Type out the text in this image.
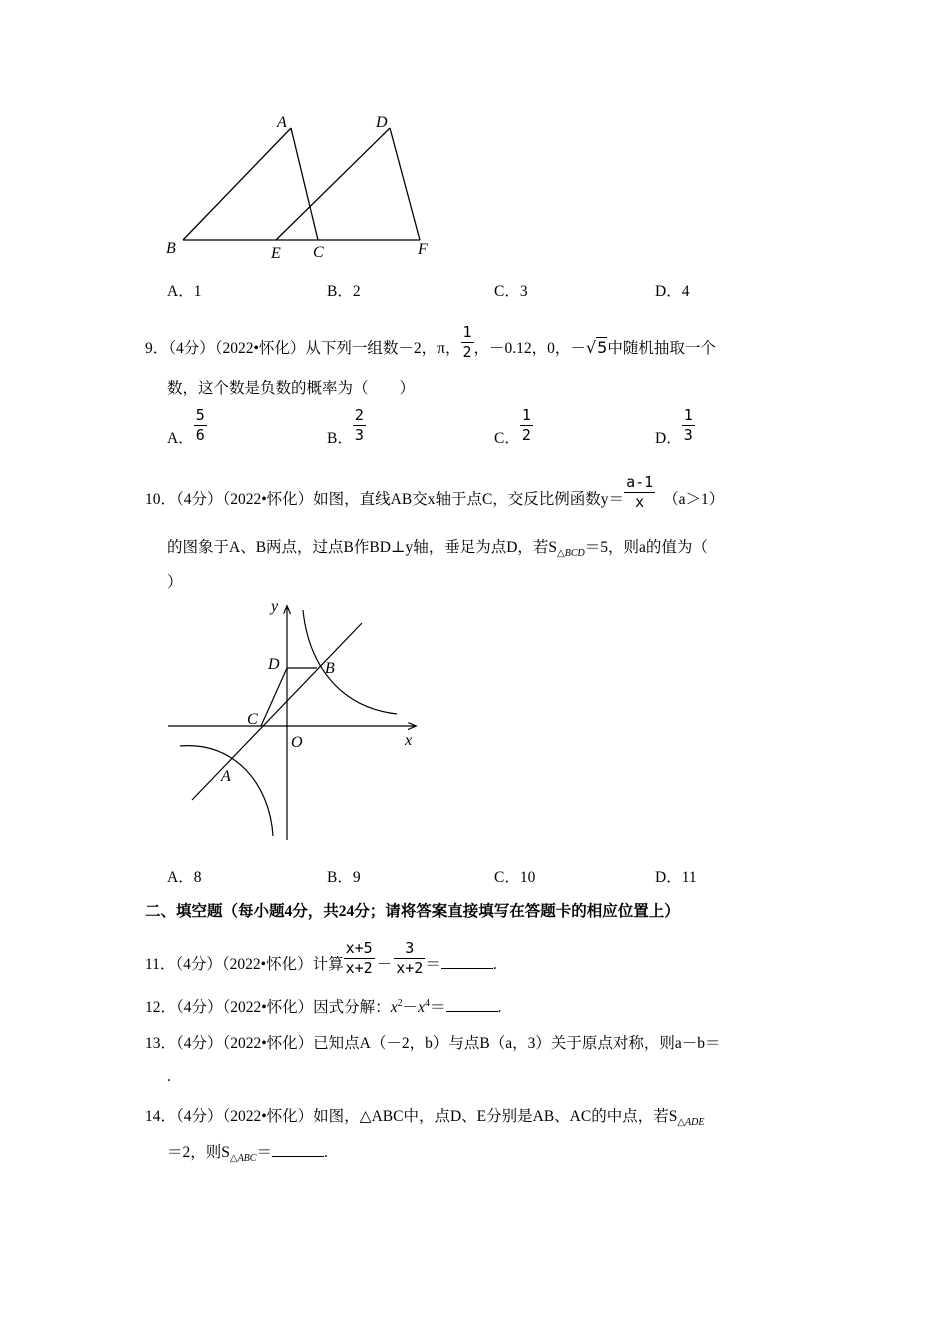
A	D
B	E C	F
A．1	B．2	C．3	D．4
9．（4分）（2022•怀化）从下列一组数－2，π， $\frac{1}{2}$ ，－0.12，0，－√5中随机抽取一个
数，这个数是负数的概率为（　　）
A． $\frac{5}{6}$	B． $\frac{2}{3}$	C． $\frac{1}{2}$	D． $\frac{1}{3}$
10．（4分）（2022•怀化）如图，直线AB交x轴于点C，交反比例函数$y= \frac{a-1}{x} (a>1)$
的图象于A、B两点，过点B作BD⊥y轴，垂足为点D，若$S_{\triangle BCD}=5$，则a的值为（
）
y
D	B
C
O	x
A
A．8	B．9	C．10	D．11
二、填空题（每小题4分，共24分；请将答案直接填写在答题卡的相应位置上）
11．（4分）（2022•怀化）计算 $\frac{x+5}{x+2} - \frac{3}{x+2}$ ＝	.
12．（4分）（2022•怀化）因式分解：$x^2-x^4=$	.
13．（4分）（2022•怀化）已知点A（－2，b）与点B（a，3）关于原点对称，则a－b＝
.
14．（4分）（2022•怀化）如图，△ABC中，点D、E分别是AB、AC的中点，若$S_{\triangle ADE}$
＝2，则$S_{\triangle ABC}=$	.
